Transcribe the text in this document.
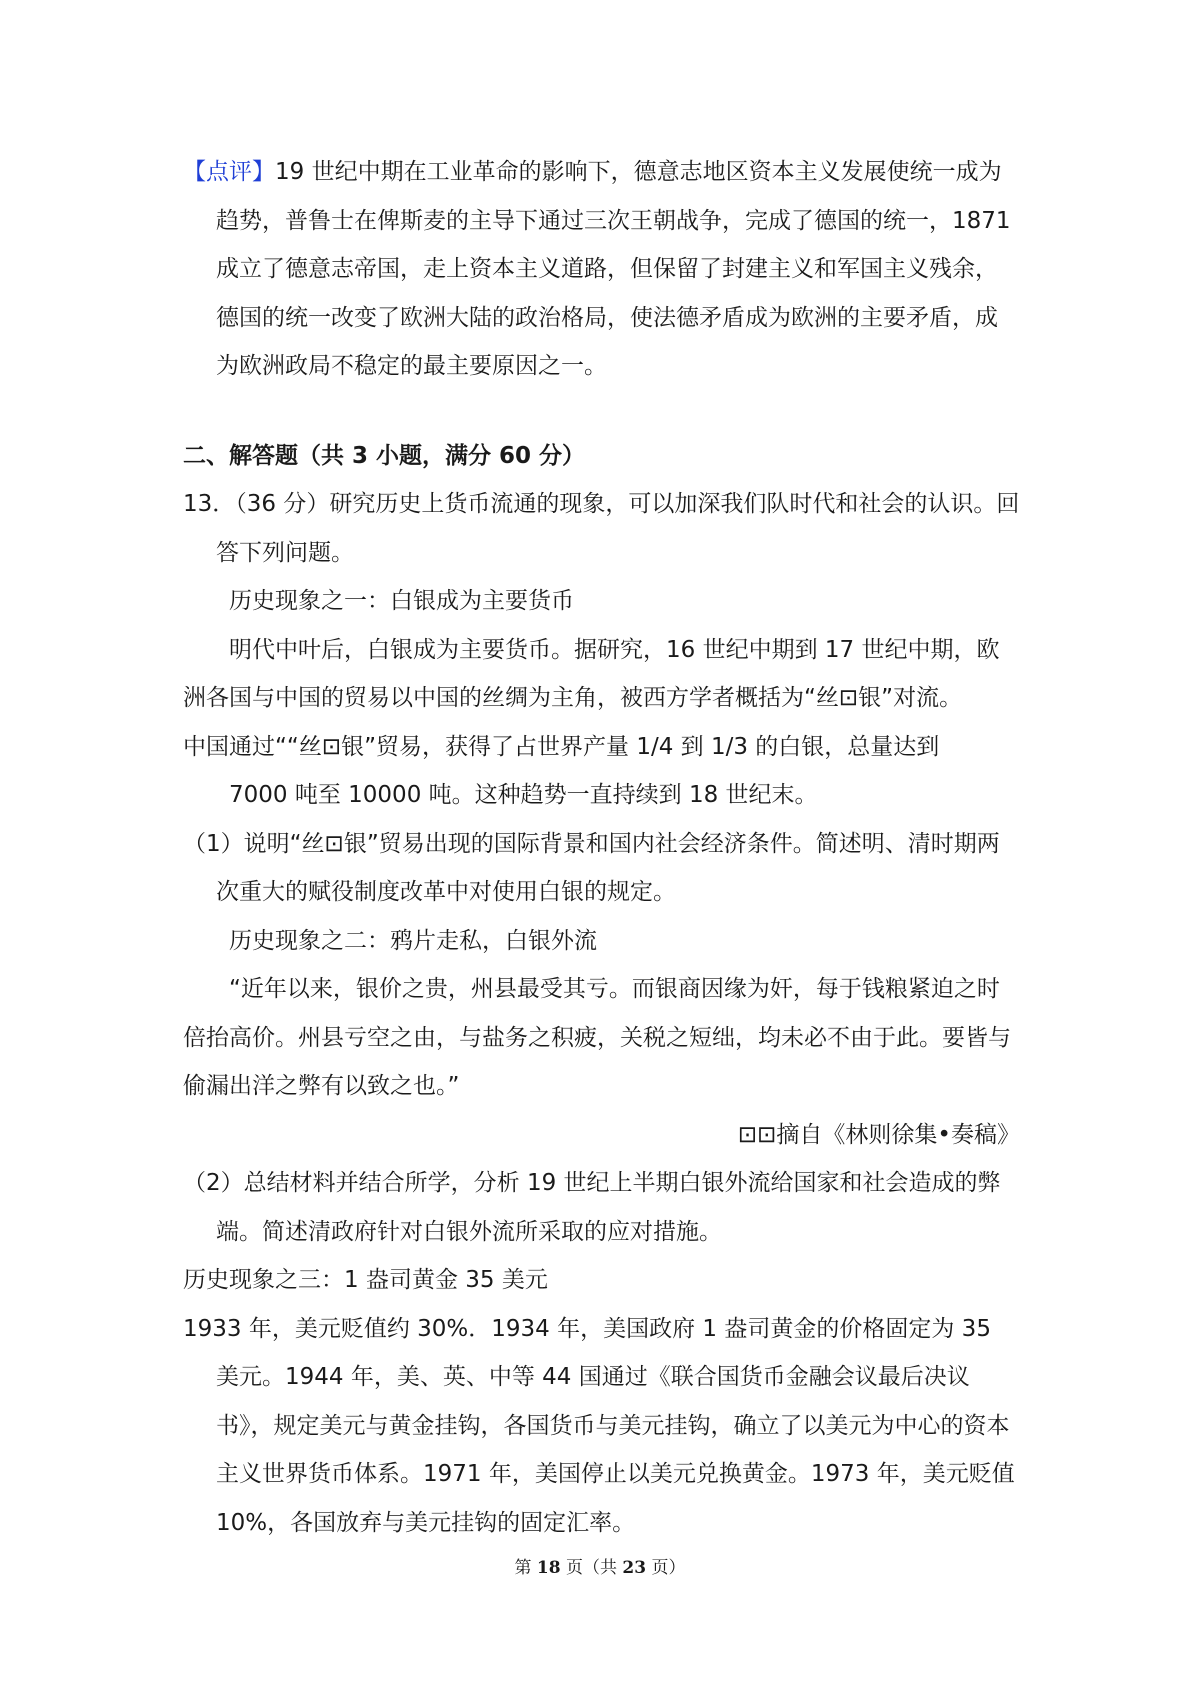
【点评】19 世纪中期在工业革命的影响下，德意志地区资本主义发展使统一成为趋势，普鲁士在俾斯麦的主导下通过三次王朝战争，完成了德国的统一，1871 成立了德意志帝国，走上资本主义道路，但保留了封建主义和军国主义残余，德国的统一改变了欧洲大陆的政治格局，使法德矛盾成为欧洲的主要矛盾，成为欧洲政局不稳定的最主要原因之一。

二、解答题（共 3 小题，满分 60 分）

13．（36 分）研究历史上货币流通的现象，可以加深我们队时代和社会的认识。回答下列问题。

历史现象之一：白银成为主要货币

明代中叶后，白银成为主要货币。据研究，16 世纪中期到 17 世纪中期，欧洲各国与中国的贸易以中国的丝绸为主角，被西方学者概括为“丝⊡银”对流。

中国通过““丝⊡银”贸易，获得了占世界产量 1/4 到 1/3 的白银，总量达到

7000 吨至 10000 吨。这种趋势一直持续到 18 世纪末。

（1）说明“丝⊡银”贸易出现的国际背景和国内社会经济条件。简述明、清时期两次重大的赋役制度改革中对使用白银的规定。

历史现象之二：鸦片走私，白银外流

“近年以来，银价之贵，州县最受其亏。而银商因缘为奸，每于钱粮紧迫之时倍抬高价。州县亏空之由，与盐务之积疲，关税之短绌，均未必不由于此。要皆与偷漏出洋之弊有以致之也。”

⊡⊡摘自《林则徐集•奏稿》

（2）总结材料并结合所学，分析 19 世纪上半期白银外流给国家和社会造成的弊端。简述清政府针对白银外流所采取的应对措施。

历史现象之三：1 盎司黄金 35 美元

1933 年，美元贬值约 30%．1934 年，美国政府 1 盎司黄金的价格固定为 35 美元。1944 年，美、英、中等 44 国通过《联合国货币金融会议最后决议书》，规定美元与黄金挂钩，各国货币与美元挂钩，确立了以美元为中心的资本主义世界货币体系。1971 年，美国停止以美元兑换黄金。1973 年，美元贬值 10%，各国放弃与美元挂钩的固定汇率。

第 18 页（共 23 页）
